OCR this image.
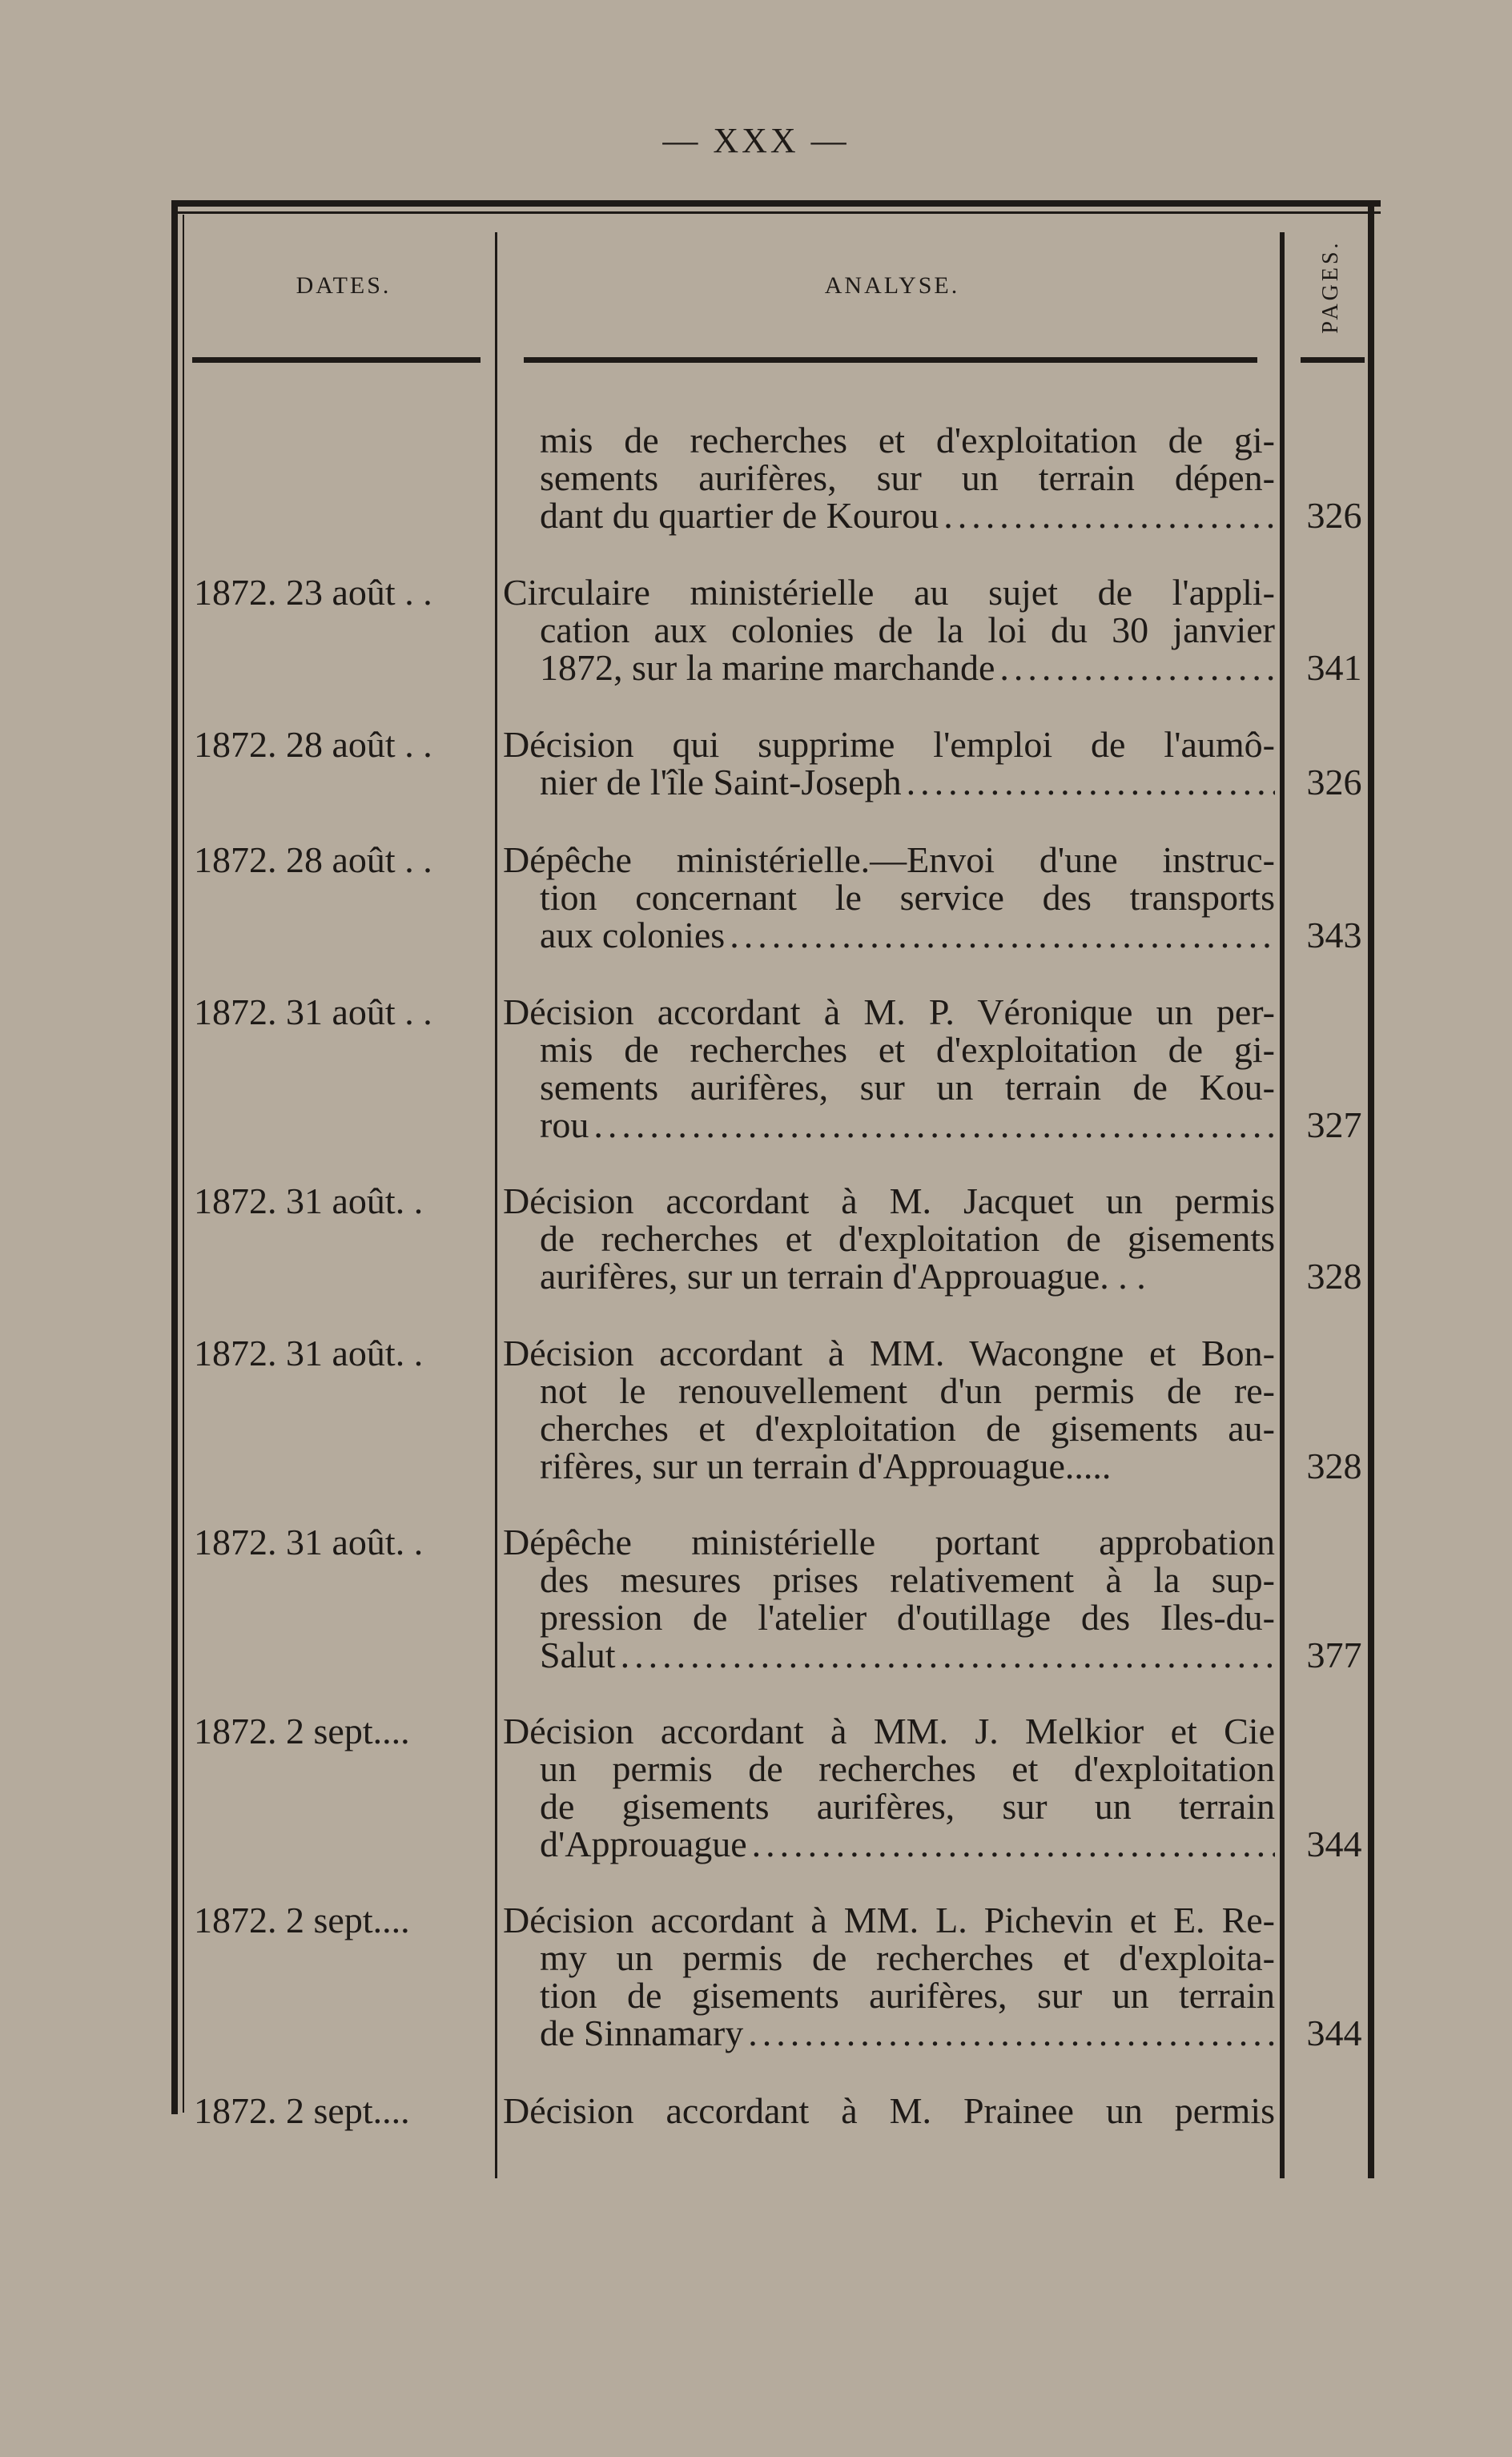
— XXX —
DATES.	ANALYSE.	PAGES.
mis de recherches et d'exploitation de gi-
sements aurifères, sur un terrain dépen-
dant du quartier de Kourou .....	326
1872. 23 août . .	Circulaire ministérielle au sujet de l'appli-
cation aux colonies de la loi du 30 janvier
1872, sur la marine marchande .....	341
1872. 28 août . .	Décision qui supprime l'emploi de l'aumô-
nier de l'île Saint-Joseph .....	326
1872. 28 août . .	Dépêche ministérielle.—Envoi d'une instruc-
tion concernant le service des transports
aux colonies .....	343
1872. 31 août . .	Décision accordant à M. P. Véronique un per-
mis de recherches et d'exploitation de gi-
sements aurifères, sur un terrain de Kou-
rou .....	327
1872. 31 août. .	Décision accordant à M. Jacquet un permis
de recherches et d'exploitation de gisements
aurifères, sur un terrain d'Approuague. . .	328
1872. 31 août. .	Décision accordant à MM. Wacongne et Bon-
not le renouvellement d'un permis de re-
cherches et d'exploitation de gisements au-
rifères, sur un terrain d'Approuague.....	328
1872. 31 août. .	Dépêche ministérielle portant approbation
des mesures prises relativement à la sup-
pression de l'atelier d'outillage des Iles-du-
Salut .....	377
1872. 2 sept....	Décision accordant à MM. J. Melkior et Cie
un permis de recherches et d'exploitation
de gisements aurifères, sur un terrain
d'Approuague .....	344
1872. 2 sept....	Décision accordant à MM. L. Pichevin et E. Re-
my un permis de recherches et d'exploita-
tion de gisements aurifères, sur un terrain
de Sinnamary .....	344
1872. 2 sept....	Décision accordant à M. Prainee un permis
